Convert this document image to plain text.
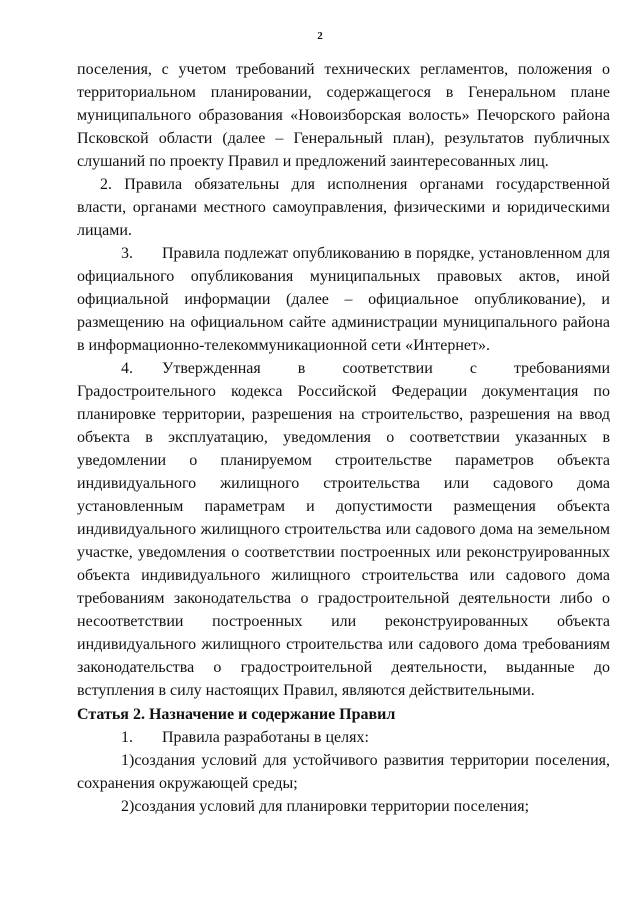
2

поселения, с учетом требований технических регламентов, положения о территориальном планировании, содержащегося в Генеральном плане муниципального образования «Новоизборская волость» Печорского района Псковской области (далее – Генеральный план), результатов публичных слушаний по проекту Правил и предложений заинтересованных лиц.

2. Правила обязательны для исполнения органами государственной власти, органами местного самоуправления, физическими и юридическими лицами.

3. Правила подлежат опубликованию в порядке, установленном для официального опубликования муниципальных правовых актов, иной официальной информации (далее – официальное опубликование), и размещению на официальном сайте администрации муниципального района в информационно-телекоммуникационной сети «Интернет».

4. Утвержденная в соответствии с требованиями Градостроительного кодекса Российской Федерации документация по планировке территории, разрешения на строительство, разрешения на ввод объекта в эксплуатацию, уведомления о соответствии указанных в уведомлении о планируемом строительстве параметров объекта индивидуального жилищного строительства или садового дома установленным параметрам и допустимости размещения объекта индивидуального жилищного строительства или садового дома на земельном участке, уведомления о соответствии построенных или реконструированных объекта индивидуального жилищного строительства или садового дома требованиям законодательства о градостроительной деятельности либо о несоответствии построенных или реконструированных объекта индивидуального жилищного строительства или садового дома требованиям законодательства о градостроительной деятельности, выданные до вступления в силу настоящих Правил, являются действительными.

Статья 2. Назначение и содержание Правил

1. Правила разработаны в целях:

1)создания условий для устойчивого развития территории поселения, сохранения окружающей среды;

2)создания условий для планировки территории поселения;
